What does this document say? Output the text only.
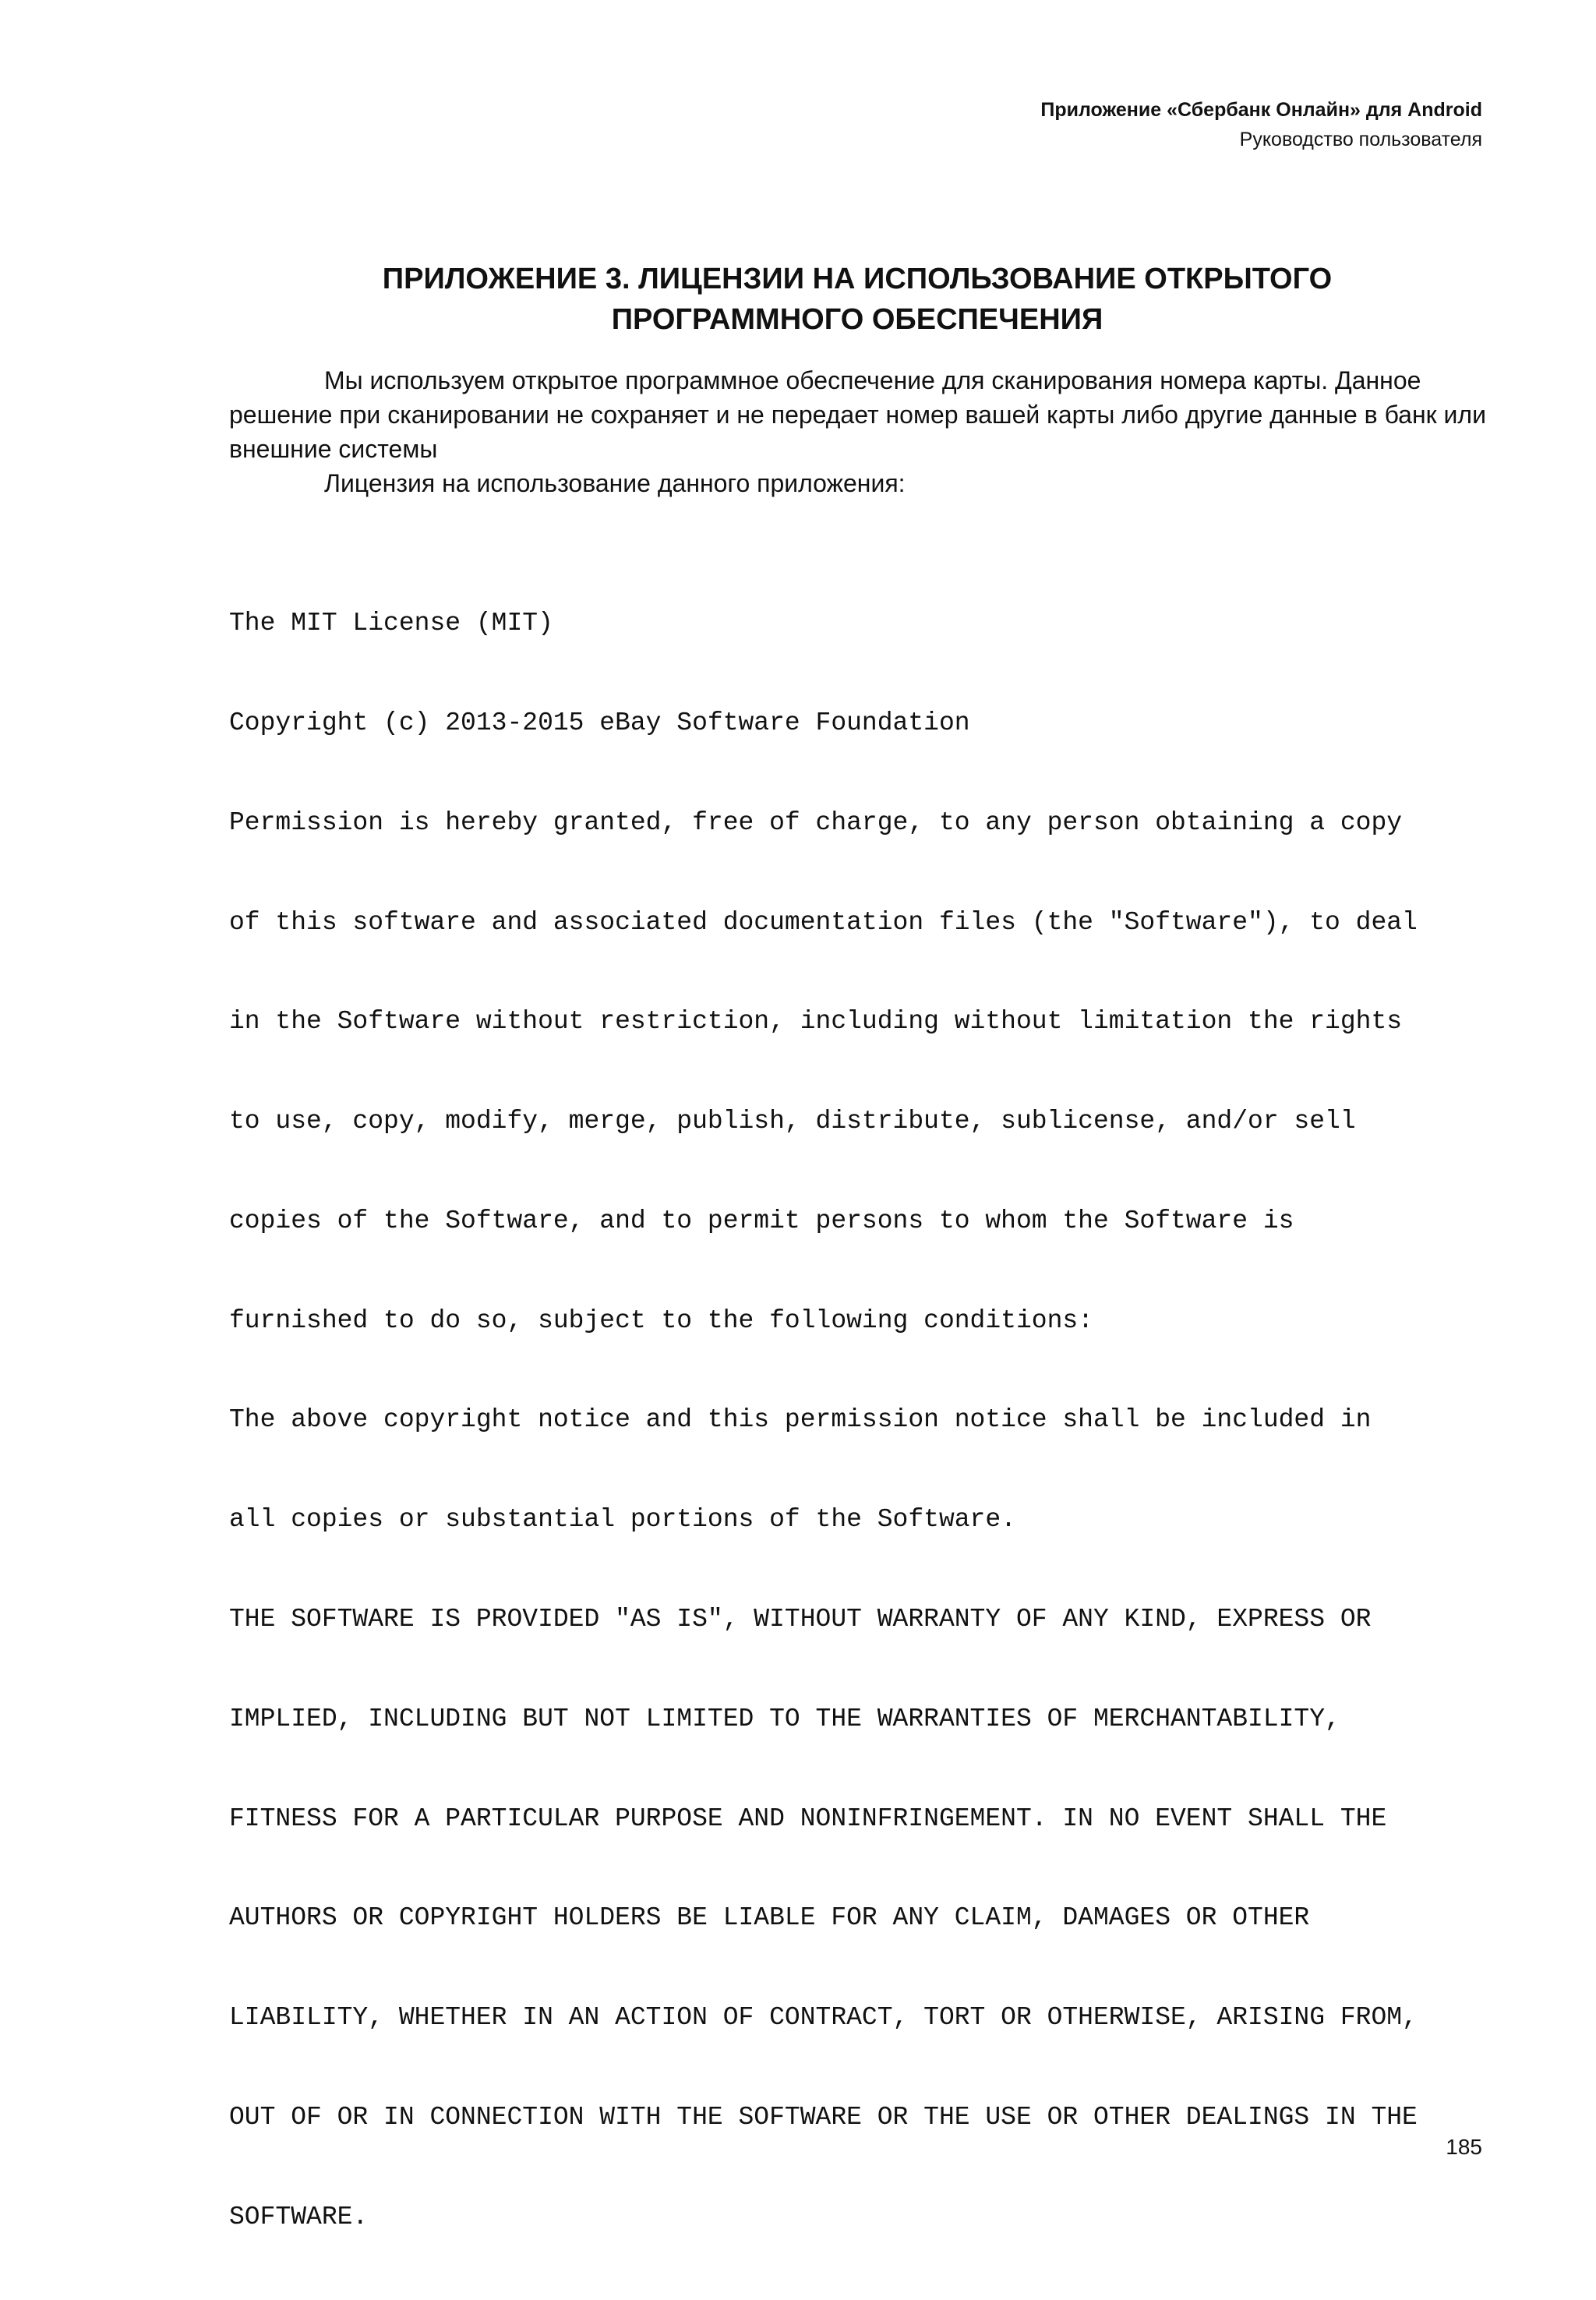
Приложение «Сбербанк Онлайн» для Android
Руководство пользователя
ПРИЛОЖЕНИЕ 3. ЛИЦЕНЗИИ НА ИСПОЛЬЗОВАНИЕ ОТКРЫТОГО
ПРОГРАММНОГО ОБЕСПЕЧЕНИЯ

Мы используем открытое программное обеспечение для сканирования номера карты. Данное решение при сканировании не сохраняет и не передает номер вашей карты либо другие данные в банк или внешние системы

Лицензия на использование данного приложения:

The MIT License (MIT)

Copyright (c) 2013-2015 eBay Software Foundation

Permission is hereby granted, free of charge, to any person obtaining a copy

of this software and associated documentation files (the "Software"), to deal

in the Software without restriction, including without limitation the rights

to use, copy, modify, merge, publish, distribute, sublicense, and/or sell

copies of the Software, and to permit persons to whom the Software is

furnished to do so, subject to the following conditions:

The above copyright notice and this permission notice shall be included in

all copies or substantial portions of the Software.

THE SOFTWARE IS PROVIDED "AS IS", WITHOUT WARRANTY OF ANY KIND, EXPRESS OR

IMPLIED, INCLUDING BUT NOT LIMITED TO THE WARRANTIES OF MERCHANTABILITY,

FITNESS FOR A PARTICULAR PURPOSE AND NONINFRINGEMENT. IN NO EVENT SHALL THE

AUTHORS OR COPYRIGHT HOLDERS BE LIABLE FOR ANY CLAIM, DAMAGES OR OTHER

LIABILITY, WHETHER IN AN ACTION OF CONTRACT, TORT OR OTHERWISE, ARISING FROM,

OUT OF OR IN CONNECTION WITH THE SOFTWARE OR THE USE OR OTHER DEALINGS IN THE

SOFTWARE.

185
